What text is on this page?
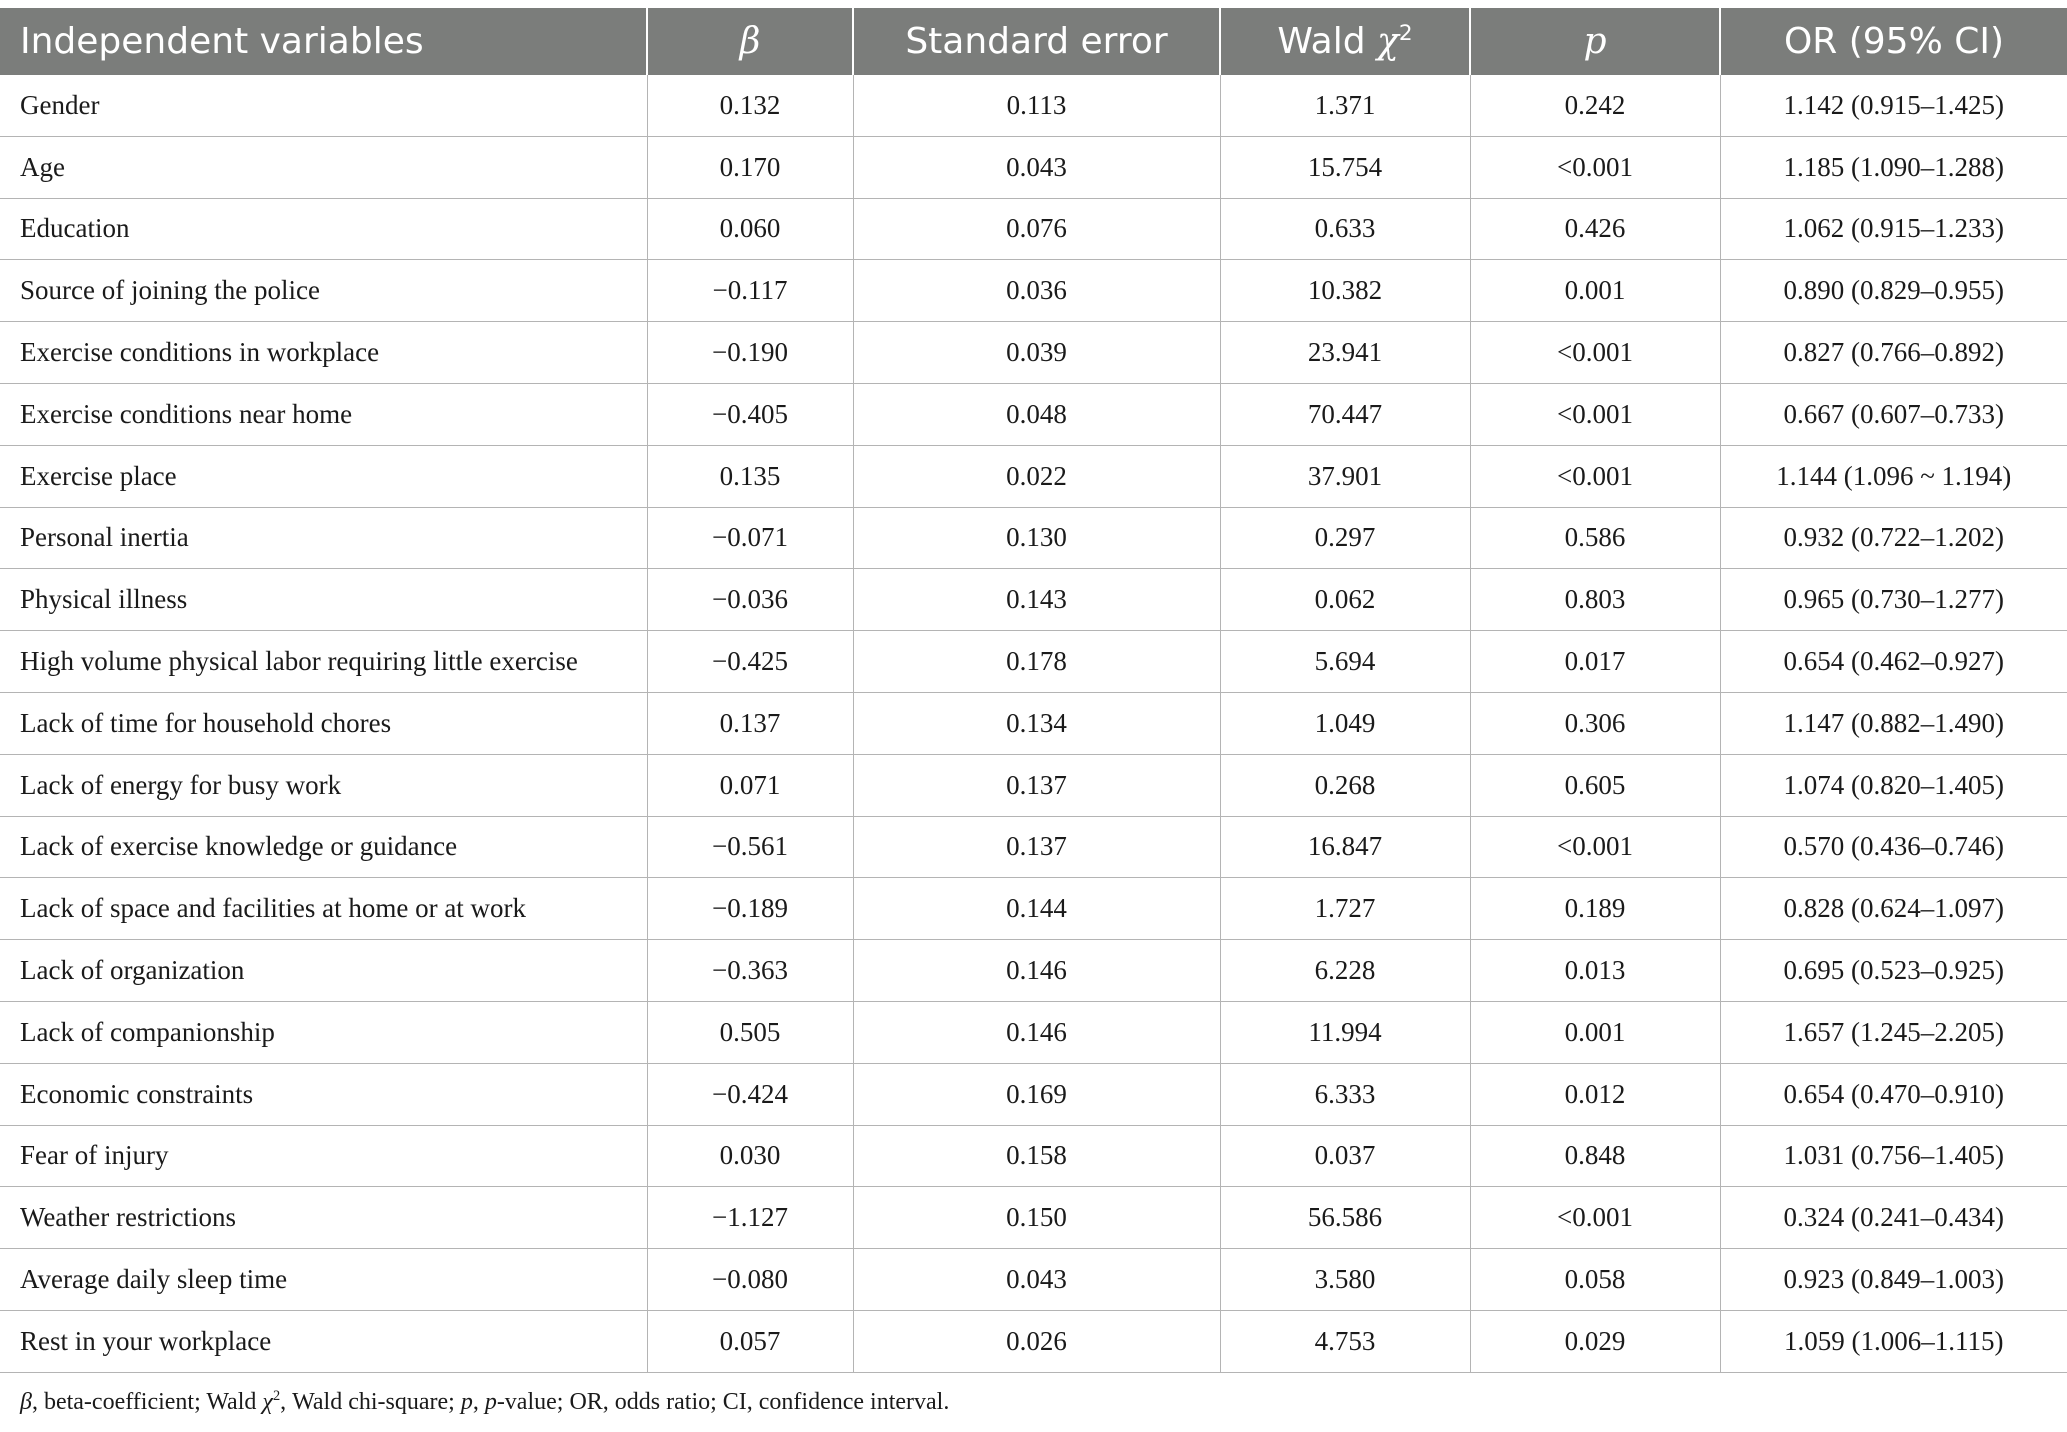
Independent variables	β	Standard error	Wald $\chi^2$	p	OR (95% CI)
Gender	0.132	0.113	1.371	0.242	1.142 (0.915–1.425)
Age	0.170	0.043	15.754	<0.001	1.185 (1.090–1.288)
Education	0.060	0.076	0.633	0.426	1.062 (0.915–1.233)
Source of joining the police	−0.117	0.036	10.382	0.001	0.890 (0.829–0.955)
Exercise conditions in workplace	−0.190	0.039	23.941	<0.001	0.827 (0.766–0.892)
Exercise conditions near home	−0.405	0.048	70.447	<0.001	0.667 (0.607–0.733)
Exercise place	0.135	0.022	37.901	<0.001	1.144 (1.096 ~ 1.194)
Personal inertia	−0.071	0.130	0.297	0.586	0.932 (0.722–1.202)
Physical illness	−0.036	0.143	0.062	0.803	0.965 (0.730–1.277)
High volume physical labor requiring little exercise	−0.425	0.178	5.694	0.017	0.654 (0.462–0.927)
Lack of time for household chores	0.137	0.134	1.049	0.306	1.147 (0.882–1.490)
Lack of energy for busy work	0.071	0.137	0.268	0.605	1.074 (0.820–1.405)
Lack of exercise knowledge or guidance	−0.561	0.137	16.847	<0.001	0.570 (0.436–0.746)
Lack of space and facilities at home or at work	−0.189	0.144	1.727	0.189	0.828 (0.624–1.097)
Lack of organization	−0.363	0.146	6.228	0.013	0.695 (0.523–0.925)
Lack of companionship	0.505	0.146	11.994	0.001	1.657 (1.245–2.205)
Economic constraints	−0.424	0.169	6.333	0.012	0.654 (0.470–0.910)
Fear of injury	0.030	0.158	0.037	0.848	1.031 (0.756–1.405)
Weather restrictions	−1.127	0.150	56.586	<0.001	0.324 (0.241–0.434)
Average daily sleep time	−0.080	0.043	3.580	0.058	0.923 (0.849–1.003)
Rest in your workplace	0.057	0.026	4.753	0.029	1.059 (1.006–1.115)
β, beta-coefficient; Wald $\chi^2$, Wald chi-square; p, p-value; OR, odds ratio; CI, confidence interval.
